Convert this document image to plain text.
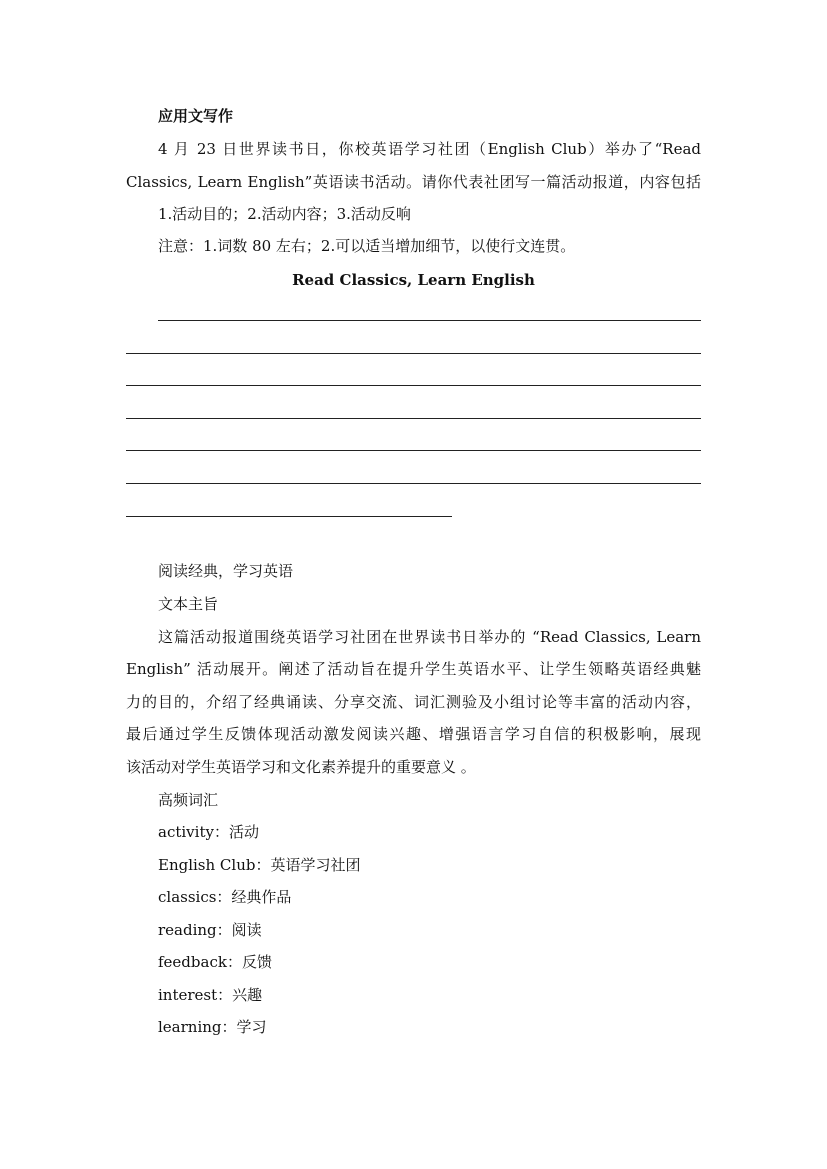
应用文写作
4 月 23 日世界读书日，你校英语学习社团（English Club）举办了“Read
Classics, Learn English”英语读书活动。请你代表社团写一篇活动报道，内容包括
1.活动目的；2.活动内容；3.活动反响
注意：1.词数 80 左右；2.可以适当增加细节，以使行文连贯。
Read Classics, Learn English
阅读经典，学习英语
文本主旨
这篇活动报道围绕英语学习社团在世界读书日举办的 “Read Classics, Learn
English” 活动展开。阐述了活动旨在提升学生英语水平、让学生领略英语经典魅
力的目的，介绍了经典诵读、分享交流、词汇测验及小组讨论等丰富的活动内容，
最后通过学生反馈体现活动激发阅读兴趣、增强语言学习自信的积极影响，展现
该活动对学生英语学习和文化素养提升的重要意义 。
高频词汇
activity：活动
English Club：英语学习社团
classics：经典作品
reading：阅读
feedback：反馈
interest：兴趣
learning：学习
